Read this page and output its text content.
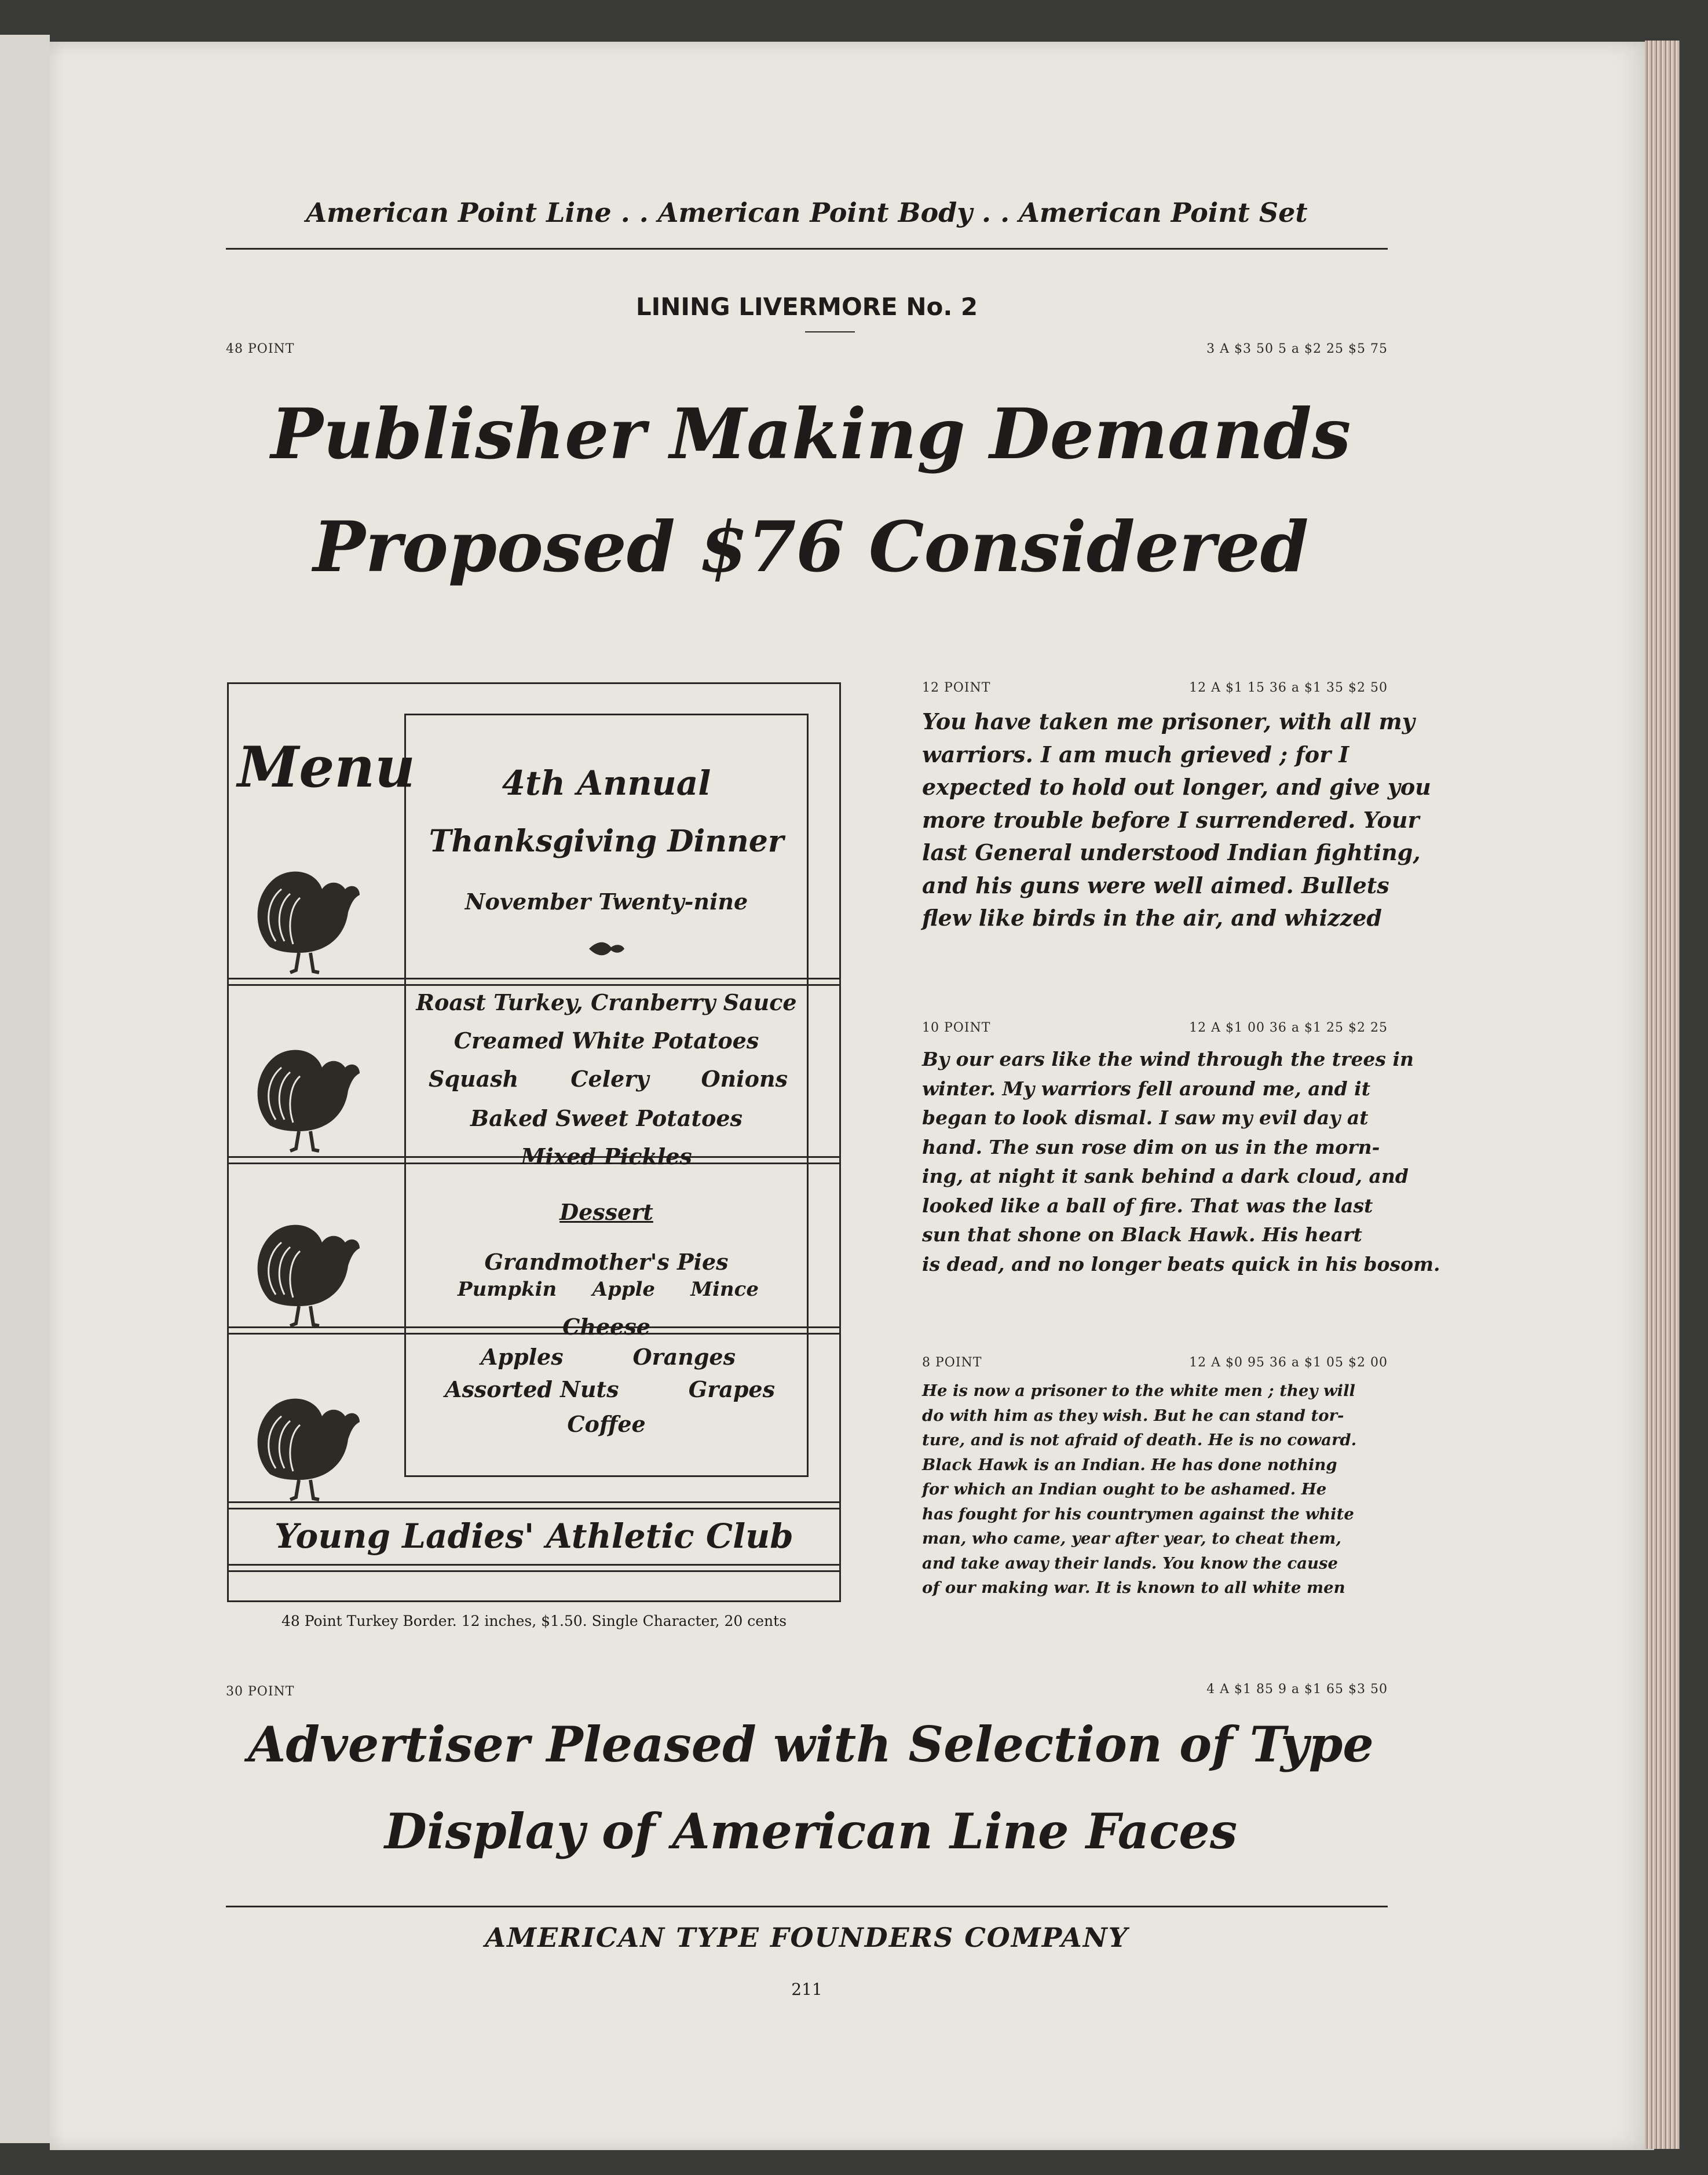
American Point Line . . American Point Body . . American Point Set
LINING LIVERMORE No. 2
48 POINT	3 A $3 50 5 a $2 25 $5 75
Publisher Making Demands
Proposed $76 Considered
Menu	4th Annual
Thanksgiving Dinner
November Twenty-nine
Roast Turkey, Cranberry Sauce
Creamed White Potatoes
Squash Celery Onions
Baked Sweet Potatoes
Mixed Pickles
Dessert
Grandmother's Pies
Pumpkin Apple Mince
Cheese
Apples	Oranges
Assorted Nuts	Grapes
Coffee
Young Ladies' Athletic Club
48 Point Turkey Border. 12 inches, $1.50. Single Character, 20 cents
12 POINT	12 A $1 15 36 a $1 35 $2 50
You have taken me prisoner, with all my
warriors. I am much grieved ; for I
expected to hold out longer, and give you
more trouble before I surrendered. Your
last General understood Indian fighting,
and his guns were well aimed. Bullets
flew like birds in the air, and whizzed
10 POINT	12 A $1 00 36 a $1 25 $2 25
By our ears like the wind through the trees in
winter. My warriors fell around me, and it
began to look dismal. I saw my evil day at
hand. The sun rose dim on us in the morn-
ing, at night it sank behind a dark cloud, and
looked like a ball of fire. That was the last
sun that shone on Black Hawk. His heart
is dead, and no longer beats quick in his bosom.
8 POINT	12 A $0 95 36 a $1 05 $2 00
He is now a prisoner to the white men ; they will
do with him as they wish. But he can stand tor-
ture, and is not afraid of death. He is no coward.
Black Hawk is an Indian. He has done nothing
for which an Indian ought to be ashamed. He
has fought for his countrymen against the white
man, who came, year after year, to cheat them,
and take away their lands. You know the cause
of our making war. It is known to all white men
30 POINT	4 A $1 85 9 a $1 65 $3 50
Advertiser Pleased with Selection of Type
Display of American Line Faces
AMERICAN TYPE FOUNDERS COMPANY
211
